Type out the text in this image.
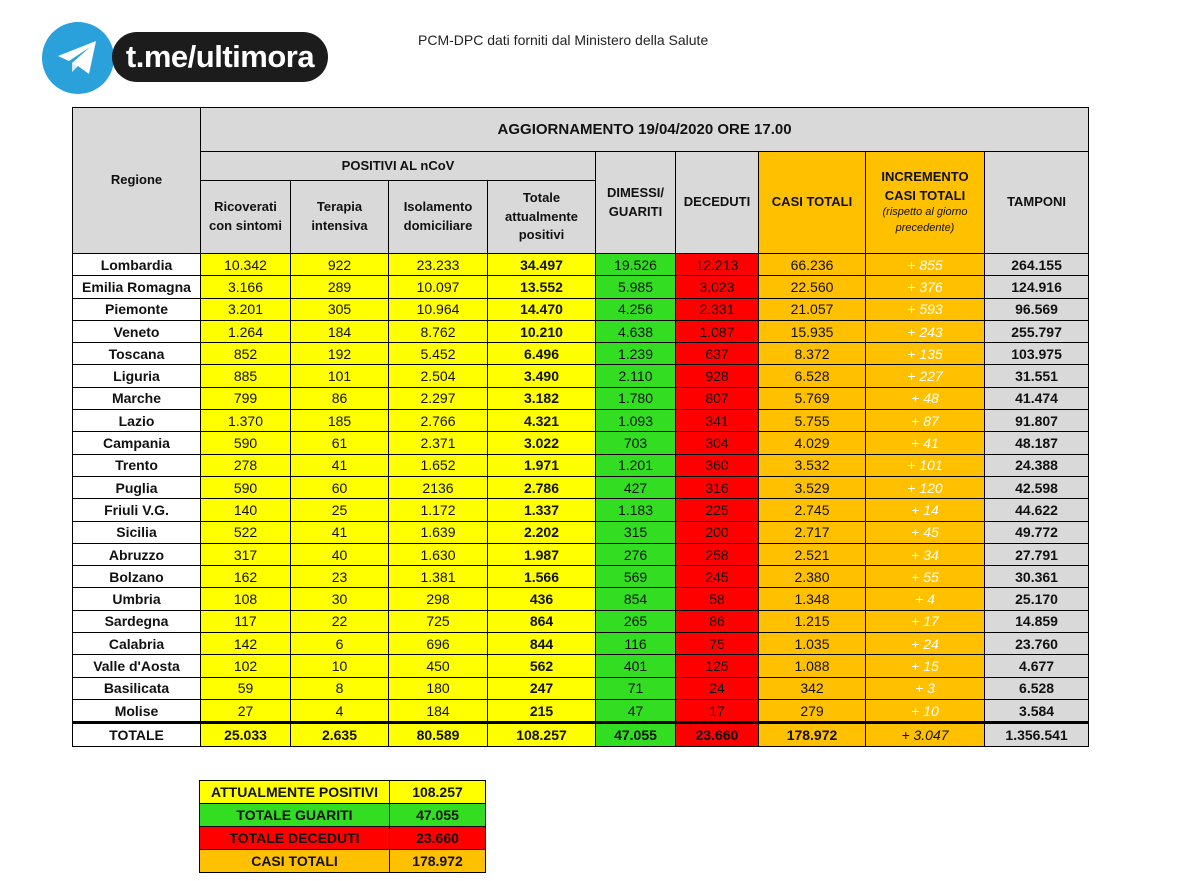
t.me/ultimora	PCM-DPC dati forniti dal Ministero della Salute
Regione	AGGIORNAMENTO 19/04/2020 ORE 17.00								
	POSITIVI AL nCoV				DIMESSI/ GUARITI	DECEDUTI	CASI TOTALI	INCREMENTO CASI TOTALI
(rispetto al giorno precedente)	TAMPONI
	Ricoverati con sintomi	Terapia intensiva	Isolamento domiciliare	Totale attualmente positivi					
Lombardia	10.342	922	23.233	34.497	19.526	12.213	66.236	+ 855	264.155
Emilia Romagna	3.166	289	10.097	13.552	5.985	3.023	22.560	+ 376	124.916
Piemonte	3.201	305	10.964	14.470	4.256	2.331	21.057	+ 593	96.569
Veneto	1.264	184	8.762	10.210	4.638	1.087	15.935	+ 243	255.797
Toscana	852	192	5.452	6.496	1.239	637	8.372	+ 135	103.975
Liguria	885	101	2.504	3.490	2.110	928	6.528	+ 227	31.551
Marche	799	86	2.297	3.182	1.780	807	5.769	+ 48	41.474
Lazio	1.370	185	2.766	4.321	1.093	341	5.755	+ 87	91.807
Campania	590	61	2.371	3.022	703	304	4.029	+ 41	48.187
Trento	278	41	1.652	1.971	1.201	360	3.532	+ 101	24.388
Puglia	590	60	2136	2.786	427	316	3.529	+ 120	42.598
Friuli V.G.	140	25	1.172	1.337	1.183	225	2.745	+ 14	44.622
Sicilia	522	41	1.639	2.202	315	200	2.717	+ 45	49.772
Abruzzo	317	40	1.630	1.987	276	258	2.521	+ 34	27.791
Bolzano	162	23	1.381	1.566	569	245	2.380	+ 55	30.361
Umbria	108	30	298	436	854	58	1.348	+ 4	25.170
Sardegna	117	22	725	864	265	86	1.215	+ 17	14.859
Calabria	142	6	696	844	116	75	1.035	+ 24	23.760
Valle d'Aosta	102	10	450	562	401	125	1.088	+ 15	4.677
Basilicata	59	8	180	247	71	24	342	+ 3	6.528
Molise	27	4	184	215	47	17	279	+ 10	3.584
TOTALE	25.033	2.635	80.589	108.257	47.055	23.660	178.972	+ 3.047	1.356.541
ATTUALMENTE POSITIVI	108.257
TOTALE GUARITI	47.055
TOTALE DECEDUTI	23.660
CASI TOTALI	178.972
